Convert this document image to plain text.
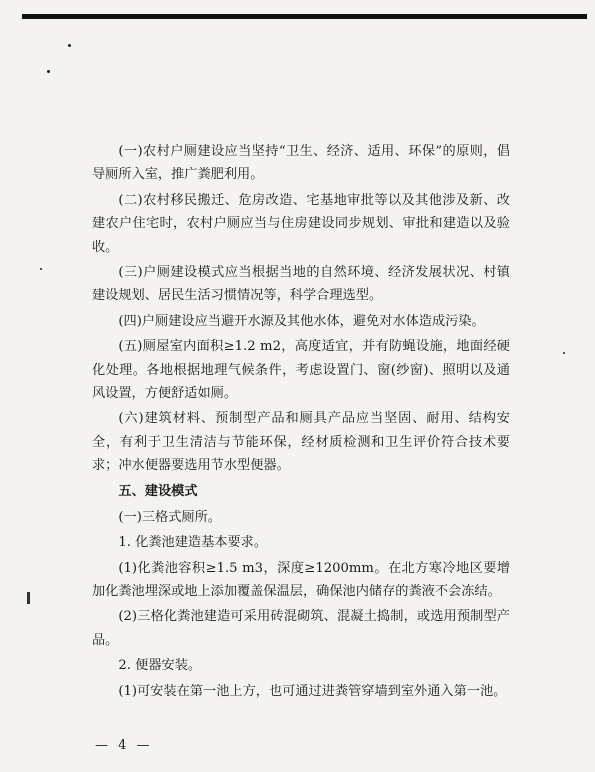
(一)农村户厕建设应当坚持“卫生、经济、适用、环保”的原则，倡导厕所入室，推广粪肥利用。

(二)农村移民搬迁、危房改造、宅基地审批等以及其他涉及新、改建农户住宅时，农村户厕应当与住房建设同步规划、审批和建造以及验收。

(三)户厕建设模式应当根据当地的自然环境、经济发展状况、村镇建设规划、居民生活习惯情况等，科学合理选型。

(四)户厕建设应当避开水源及其他水体，避免对水体造成污染。

(五)厕屋室内面积≥1.2 m2，高度适宜，并有防蝇设施，地面经硬化处理。各地根据地理气候条件，考虑设置门、窗(纱窗)、照明以及通风设置，方便舒适如厕。

(六)建筑材料、预制型产品和厕具产品应当坚固、耐用、结构安全，有利于卫生清洁与节能环保，经材质检测和卫生评价符合技术要求；冲水便器要选用节水型便器。

五、建设模式

(一)三格式厕所。

1. 化粪池建造基本要求。

(1)化粪池容积≥1.5 m3，深度≥1200mm。在北方寒冷地区要增加化粪池埋深或地上添加覆盖保温层，确保池内储存的粪液不会冻结。

(2)三格化粪池建造可采用砖混砌筑、混凝土捣制，或选用预制型产品。

2. 便器安装。

(1)可安装在第一池上方，也可通过进粪管穿墙到室外通入第一池。

— 4 —
